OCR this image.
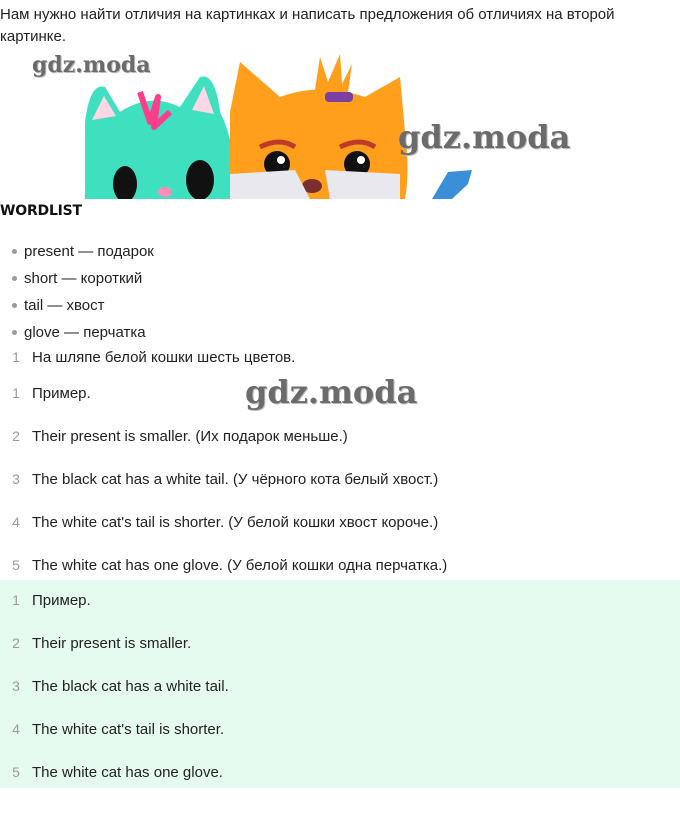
Нам нужно найти отличия на картинках и написать предложения об отличиях на второй картинке.
gdz.moda
gdz.moda
gdz.moda
WORDLIST
present — подарок
short — короткий
tail — хвост
glove — перчатка
1 На шляпе белой кошки шесть цветов.
1 Пример.
2 Their present is smaller. (Их подарок меньше.)
3 The black cat has a white tail. (У чёрного кота белый хвост.)
4 The white cat's tail is shorter. (У белой кошки хвост короче.)
5 The white cat has one glove. (У белой кошки одна перчатка.)
1 Пример.
2 Their present is smaller.
3 The black cat has a white tail.
4 The white cat's tail is shorter.
5 The white cat has one glove.
